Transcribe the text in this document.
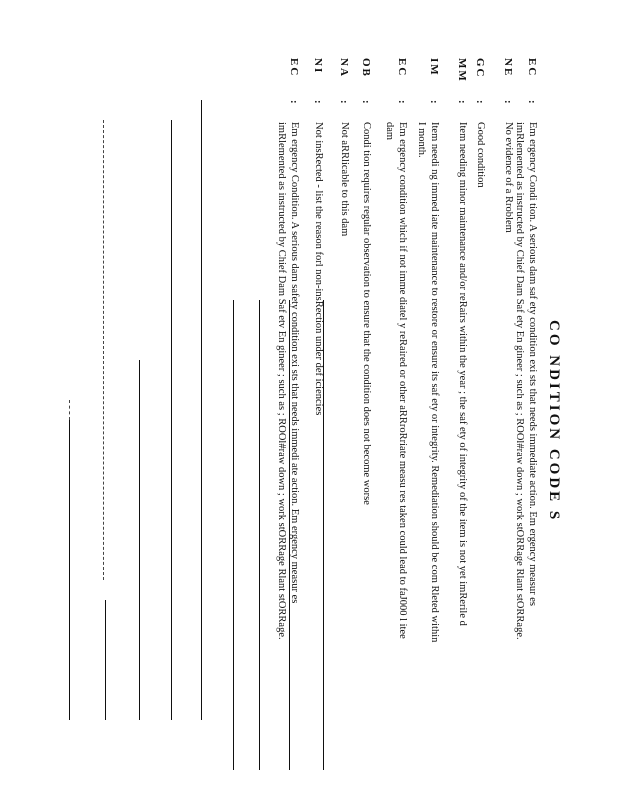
CO NDITION CODE S
EC
:
Em ergency Condi tion. A serious dam saf ety condition exi sts that needs immediate action. Em ergency measur es
imRlemented as instructed by Chief Dam Saf ety En gineer ; such as ; ROOl#raw down ; work stORRage Rlant stORRage.
NE
:
No evidence of a Rroblem
GC
:
Good condition
MM
:
Item needing minor maintenance and/or reRairs within the year ; the saf ety of integrity of the item is not yet imRerile d
IM
:
Item needi ng immed iate maintenance to restore or ensure its saf ety or integrity. Remediation should be com Rleted within
I month.
EC
:
Em ergency condition which if not imme diatel y reRaired or other aRRroRriate measu res taken could lead to faJ000 l itee
dam
OB
:
Condi tion requires regular observation to ensure that the condition does not become worse
NA
:
Not aRRlicable to this dam
NI
:
Not insRected - list the reason forl non-insRection under def iciencies
EC
:
Em ergency Condition. A serious dam safety condition exi sts that needs immedi ate action. Em ergency measur es
imRlemented as instructed by Chief Dam Saf etv En gineer ; such as ; ROOl#raw down ; work stORRage Rlant stORRage.
